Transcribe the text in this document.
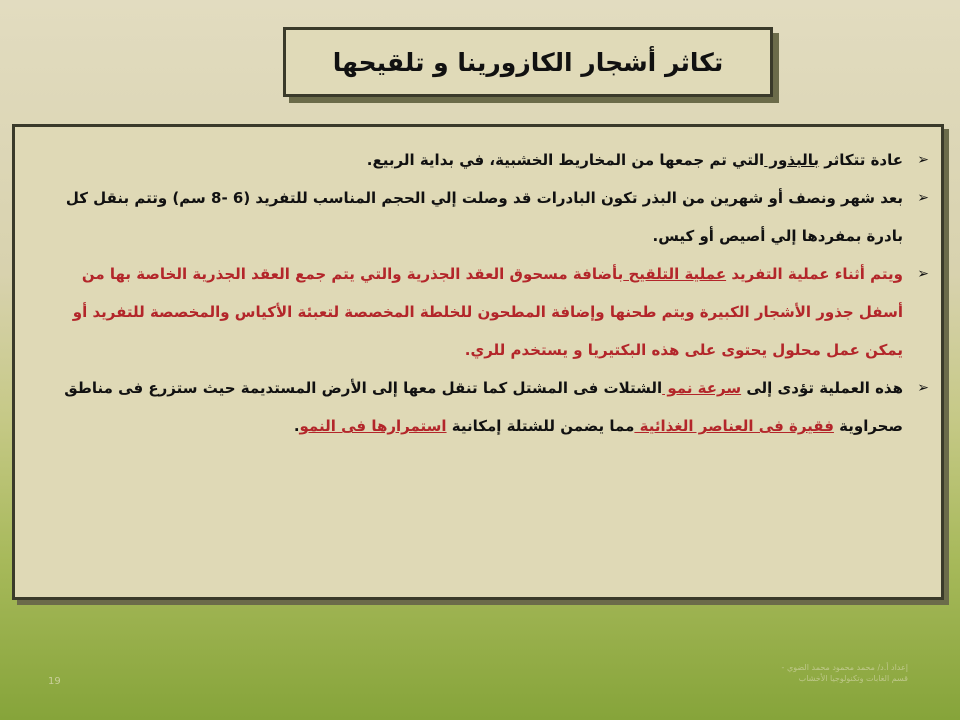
تكاثر أشجار الكازورينا و تلقيحها

➢
عادة تتكاثر بالبذور التي تم جمعها من المخاريط الخشبية، في بداية الربيع.

➢
بعد شهر ونصف أو شهرين من البذر تكون البادرات قد وصلت إلي الحجم المناسب للتفريد (6 -8 سم) وتتم بنقل كل بادرة بمفردها إلي أصيص أو كيس.

➢
ويتم أثناء عملية التفريد عملية التلقيح بأضافة مسحوق العقد الجذرية والتي يتم جمع العقد الجذرية الخاصة بها من أسفل جذور الأشجار الكبيرة ويتم طحنها وإضافة المطحون للخلطة المخصصة لتعبئة الأكياس والمخصصة للتفريد أو يمكن عمل محلول يحتوى على هذه البكتيريا و يستخدم للري.

➢
هذه العملية تؤدى إلى سرعة نمو الشتلات فى المشتل كما تنقل معها إلى الأرض المستديمة حيث ستزرع فى مناطق صحراوية فقيرة فى العناصر الغذائية مما يضمن للشتلة إمكانية استمرارها فى النمو.

إعداد أ.د/ محمد محمود محمد الضوي - قسم الغابات وتكنولوجيا الأخشاب
19
